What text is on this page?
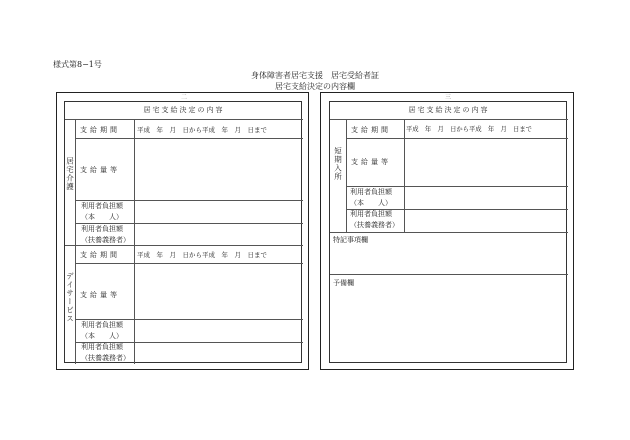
様式第8−1号
身体障害者居宅支援　居宅受給者証
居宅支給決定の内容欄
二
居宅支給決定の内容
居宅介護
支給期間	平成　年　月　日から平成　年　月　日まで
支給量等
利用者負担額
（本　　人）
利用者負担額
（扶養義務者）
デイサービス
支給期間	平成　年　月　日から平成　年　月　日まで
支給量等
利用者負担額
（本　　人）
利用者負担額
（扶養義務者）
三
居宅支給決定の内容
短期入所
支給期間 平成　年　月　日から平成　年　月　日まで
支給量等
利用者負担額
（本　　人）
利用者負担額
（扶養義務者）
特記事項欄
予備欄
